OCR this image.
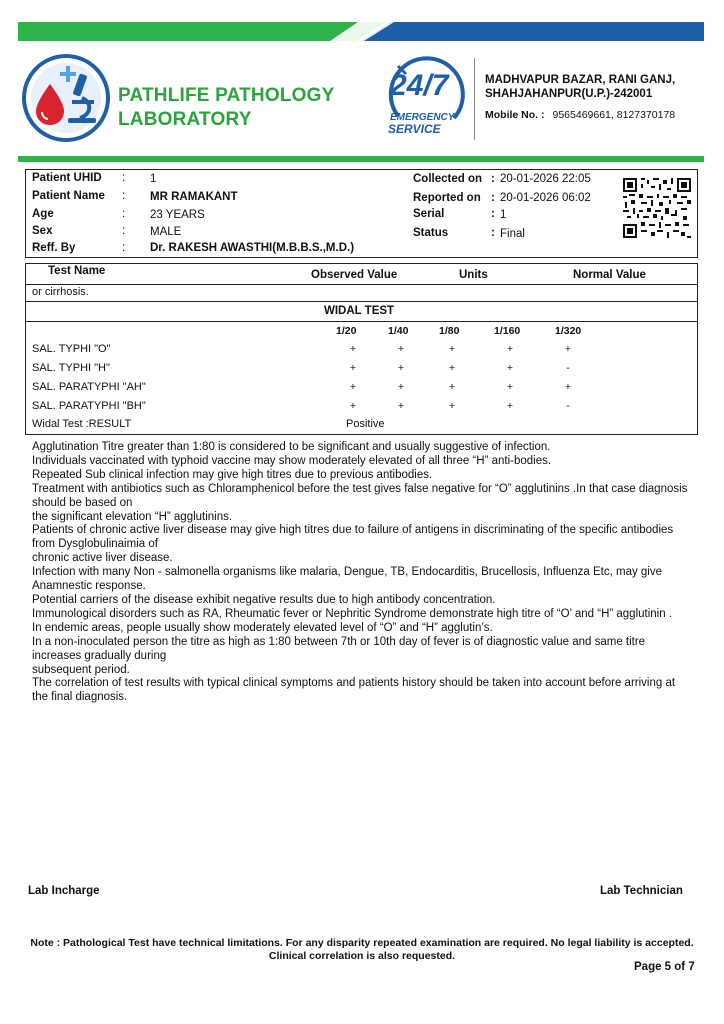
PATHLIFE PATHOLOGY
LABORATORY
24/7
EMERGENCY
SERVICE
MADHVAPUR BAZAR, RANI GANJ,
SHAHJAHANPUR(U.P.)-242001
Mobile No. : 9565469661, 8127370178
Patient UHID : 1
Patient Name : MR RAMAKANT
Age	: 23 YEARS
Sex	: MALE
Reff. By	: Dr. RAKESH AWASTHI(M.B.B.S.,M.D.)
Collected on : 20-01-2026 22:05
Reported on : 20-01-2026 06:02
Serial	: 1
Status	: Final
Test Name	Observed Value	Units	Normal Value
or cirrhosis.
WIDAL TEST
1/20	1/40	1/80	1/160	1/320
SAL. TYPHI "O"	+	+	+	+	+
SAL. TYPHI "H"	+	+	+	+	-
SAL. PARATYPHI "AH"	+	+	+	+	+
SAL. PARATYPHI "BH"	+	+	+	+	-
Widal Test :RESULT	Positive
Agglutination Titre greater than 1:80 is considered to be significant and usually suggestive of infection.
Individuals vaccinated with typhoid vaccine may show moderately elevated of all three “H” anti-bodies.
Repeated Sub clinical infection may give high titres due to previous antibodies.
Treatment with antibiotics such as Chloramphenicol before the test gives false negative for “O” agglutinins .In that case diagnosis should be based on
the significant elevation “H” agglutinins.
Patients of chronic active liver disease may give high titres due to failure of antigens in discriminating of the specific antibodies from Dysglobulinaimia of
chronic active liver disease.
Infection with many Non - salmonella organisms like malaria, Dengue, TB, Endocarditis, Brucellosis, Influenza Etc, may give Anamnestic response.
Potential carriers of the disease exhibit negative results due to high antibody concentration.
Immunological disorders such as RA, Rheumatic fever or Nephritic Syndrome demonstrate high titre of “O’ and “H” agglutinin .
In endemic areas, people usually show moderately elevated level of “O” and “H” agglutin’s.
In a non-inoculated person the titre as high as 1:80 between 7th or 10th day of fever is of diagnostic value and same titre increases gradually during
subsequent period.
The correlation of test results with typical clinical symptoms and patients history should be taken into account before arriving at the final diagnosis.
Lab Incharge	Lab Technician
Note : Pathological Test have technical limitations. For any disparity repeated examination are required. No legal liability is accepted. Clinical correlation is also requested.
Page 5 of 7
